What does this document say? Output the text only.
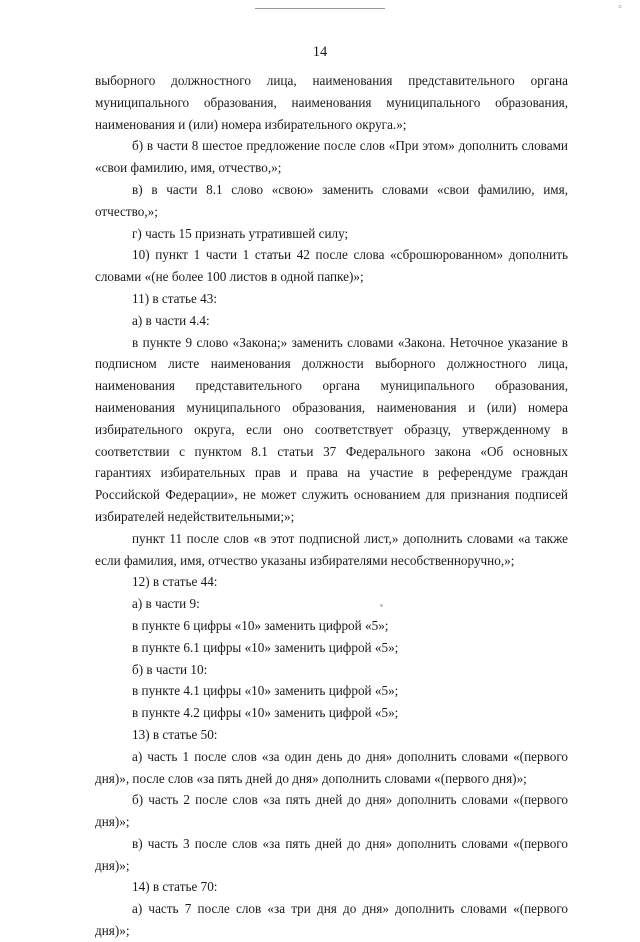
°
14

выборного должностного лица, наименования представительного органа муниципального образования, наименования муниципального образования, наименования и (или) номера избирательного округа.»;

б) в части 8 шестое предложение после слов «При этом» дополнить словами «свои фамилию, имя, отчество,»;

в) в части 8.1 слово «свою» заменить словами «свои фамилию, имя, отчество,»;

г) часть 15 признать утратившей силу;

10) пункт 1 части 1 статьи 42 после слова «сброшюрованном» дополнить словами «(не более 100 листов в одной папке)»;

11) в статье 43:

а) в части 4.4:

в пункте 9 слово «Закона;» заменить словами «Закона. Неточное указание в подписном листе наименования должности выборного должностного лица, наименования представительного органа муниципального образования, наименования муниципального образования, наименования и (или) номера избирательного округа, если оно соответствует образцу, утвержденному в соответствии с пунктом 8.1 статьи 37 Федерального закона «Об основных гарантиях избирательных прав и права на участие в референдуме граждан Российской Федерации», не может служить основанием для признания подписей избирателей недействительными;»;

пункт 11 после слов «в этот подписной лист,» дополнить словами «а также если фамилия, имя, отчество указаны избирателями несобственноручно,»;

12) в статье 44:

а) в части 9:

в пункте 6 цифры «10» заменить цифрой «5»;

в пункте 6.1 цифры «10» заменить цифрой «5»;

б) в части 10:

в пункте 4.1 цифры «10» заменить цифрой «5»;

в пункте 4.2 цифры «10» заменить цифрой «5»;

13) в статье 50:

а) часть 1 после слов «за один день до дня» дополнить словами «(первого дня)», после слов «за пять дней до дня» дополнить словами «(первого дня)»;

б) часть 2 после слов «за пять дней до дня» дополнить словами «(первого дня)»;

в) часть 3 после слов «за пять дней до дня» дополнить словами «(первого дня)»;

14) в статье 70:

а) часть 7 после слов «за три дня до дня» дополнить словами «(первого дня)»;
